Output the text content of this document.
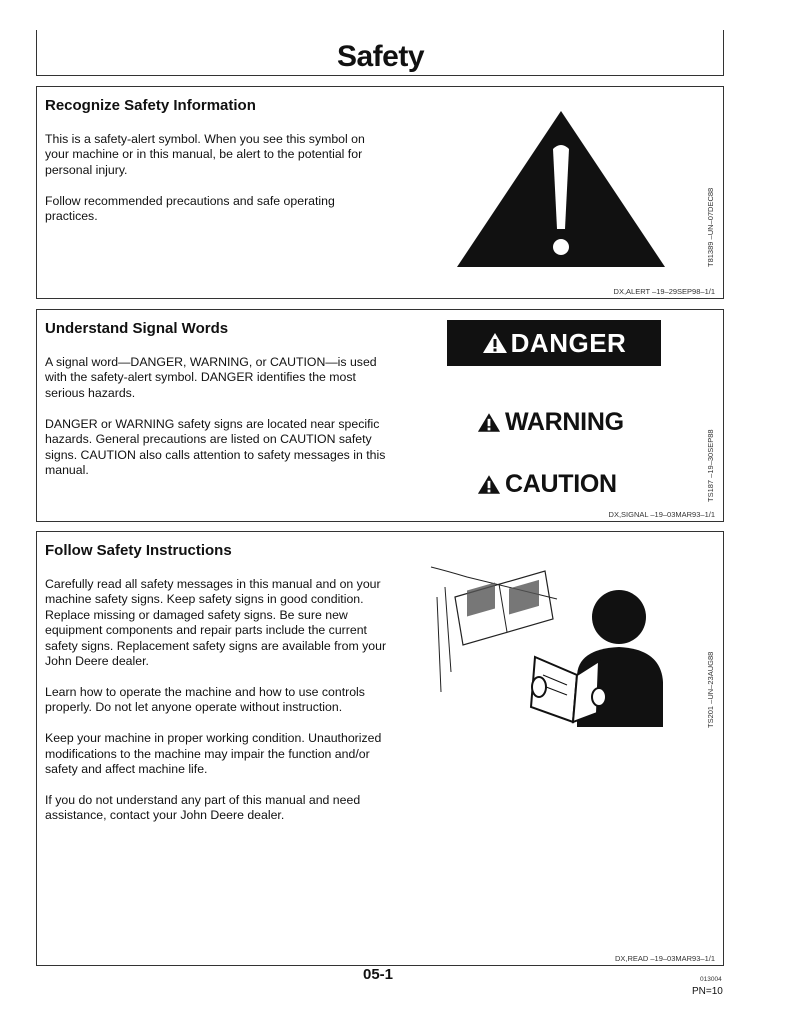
Safety
Recognize Safety Information

This is a safety-alert symbol. When you see this symbol on your machine or in this manual, be alert to the potential for personal injury.

Follow recommended precautions and safe operating practices.	T81389 –UN–07DEC88
DX,ALERT –19–29SEP98–1/1
Understand Signal Words

A signal word—DANGER, WARNING, or CAUTION—is used with the safety-alert symbol. DANGER identifies the most serious hazards.

DANGER or WARNING safety signs are located near specific hazards. General precautions are listed on CAUTION safety signs. CAUTION also calls attention to safety messages in this manual.

DANGER
WARNING
CAUTION	TS187 –19–30SEP88
DX,SIGNAL –19–03MAR93–1/1
Follow Safety Instructions

Carefully read all safety messages in this manual and on your machine safety signs. Keep safety signs in good condition. Replace missing or damaged safety signs. Be sure new equipment components and repair parts include the current safety signs. Replacement safety signs are available from your John Deere dealer.

Learn how to operate the machine and how to use controls properly. Do not let anyone operate without instruction.

Keep your machine in proper working condition. Unauthorized modifications to the machine may impair the function and/or safety and affect machine life.

If you do not understand any part of this manual and need assistance, contact your John Deere dealer.

TS201 –UN–23AUG88
DX,READ –19–03MAR93–1/1
05-1	013004
PN=10
